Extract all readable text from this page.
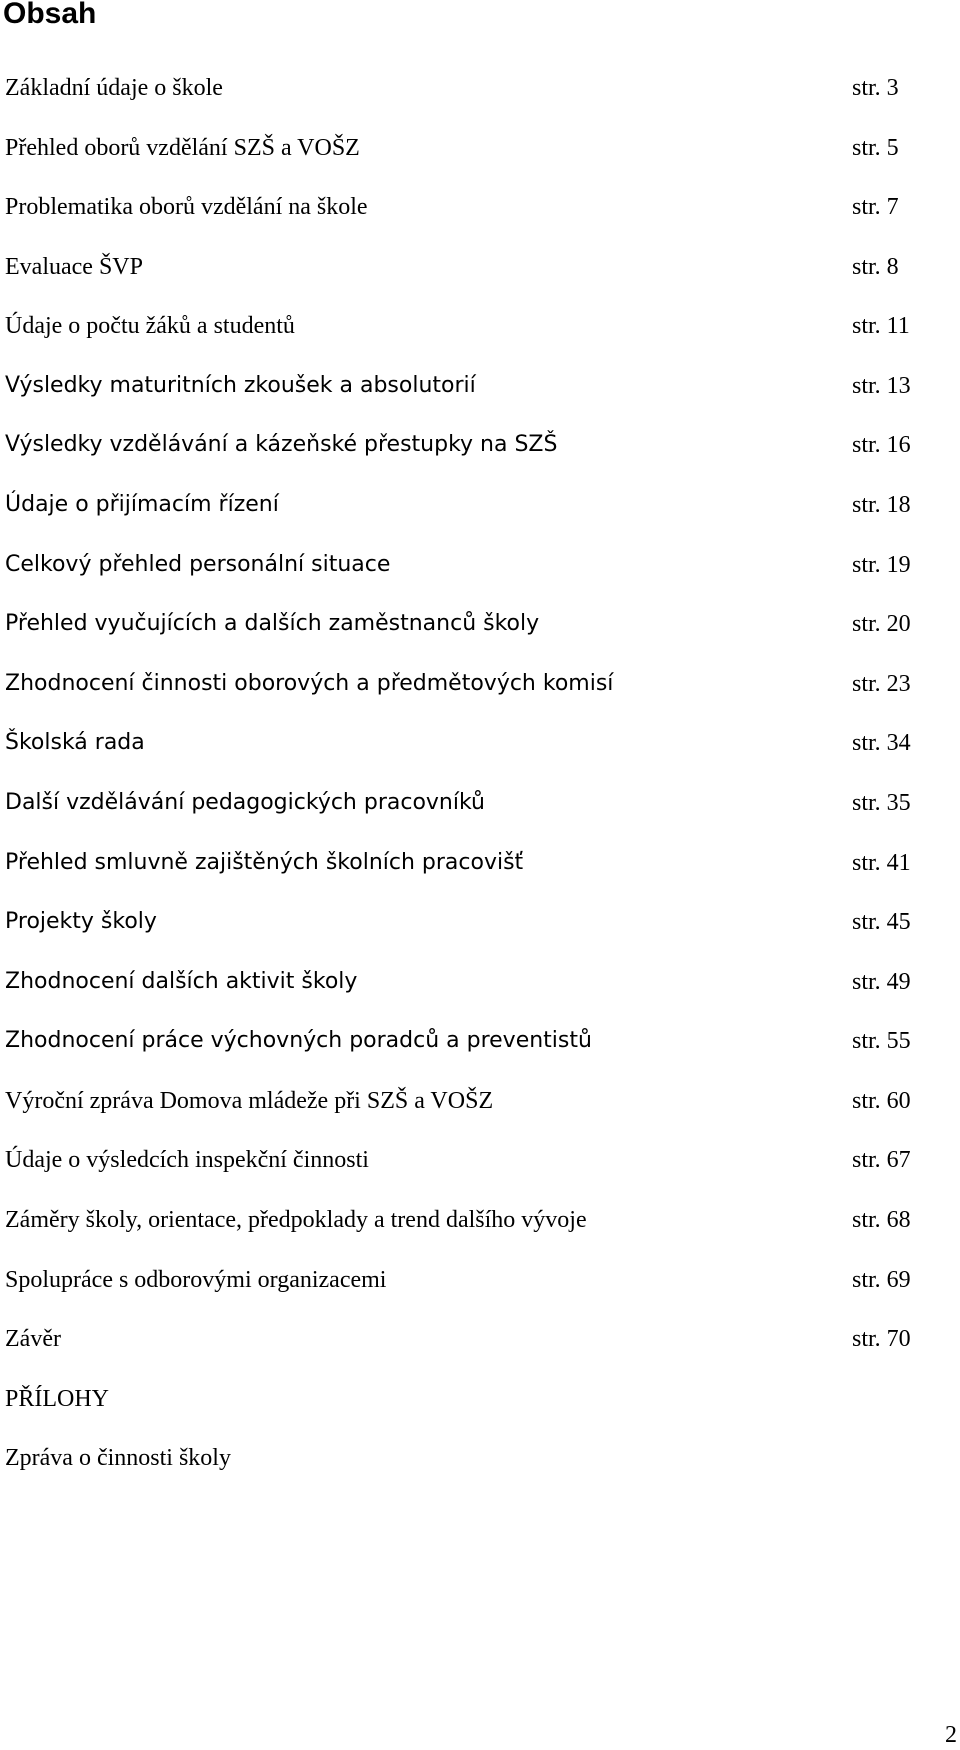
Obsah
Základní údaje o škole	str. 3
Přehled oborů vzdělání SZŠ a VOŠZ	str. 5
Problematika oborů vzdělání na škole	str. 7
Evaluace ŠVP	str. 8
Údaje o počtu žáků a studentů	str. 11
Výsledky maturitních zkoušek a absolutorií	str. 13
Výsledky vzdělávání a kázeňské přestupky na SZŠ	str. 16
Údaje o přijímacím řízení	str. 18
Celkový přehled personální situace	str. 19
Přehled vyučujících a dalších zaměstnanců školy	str. 20
Zhodnocení činnosti oborových a předmětových komisí	str. 23
Školská rada	str. 34
Další vzdělávání pedagogických pracovníků	str. 35
Přehled smluvně zajištěných školních pracovišť	str. 41
Projekty školy	str. 45
Zhodnocení dalších aktivit školy	str. 49
Zhodnocení práce výchovných poradců a preventistů	str. 55
Výroční zpráva Domova mládeže při SZŠ a VOŠZ	str. 60
Údaje o výsledcích inspekční činnosti	str. 67
Záměry školy, orientace, předpoklady a trend dalšího vývoje	str. 68
Spolupráce s odborovými organizacemi	str. 69
Závěr	str. 70
PŘÍLOHY
Zpráva o činnosti školy
2
